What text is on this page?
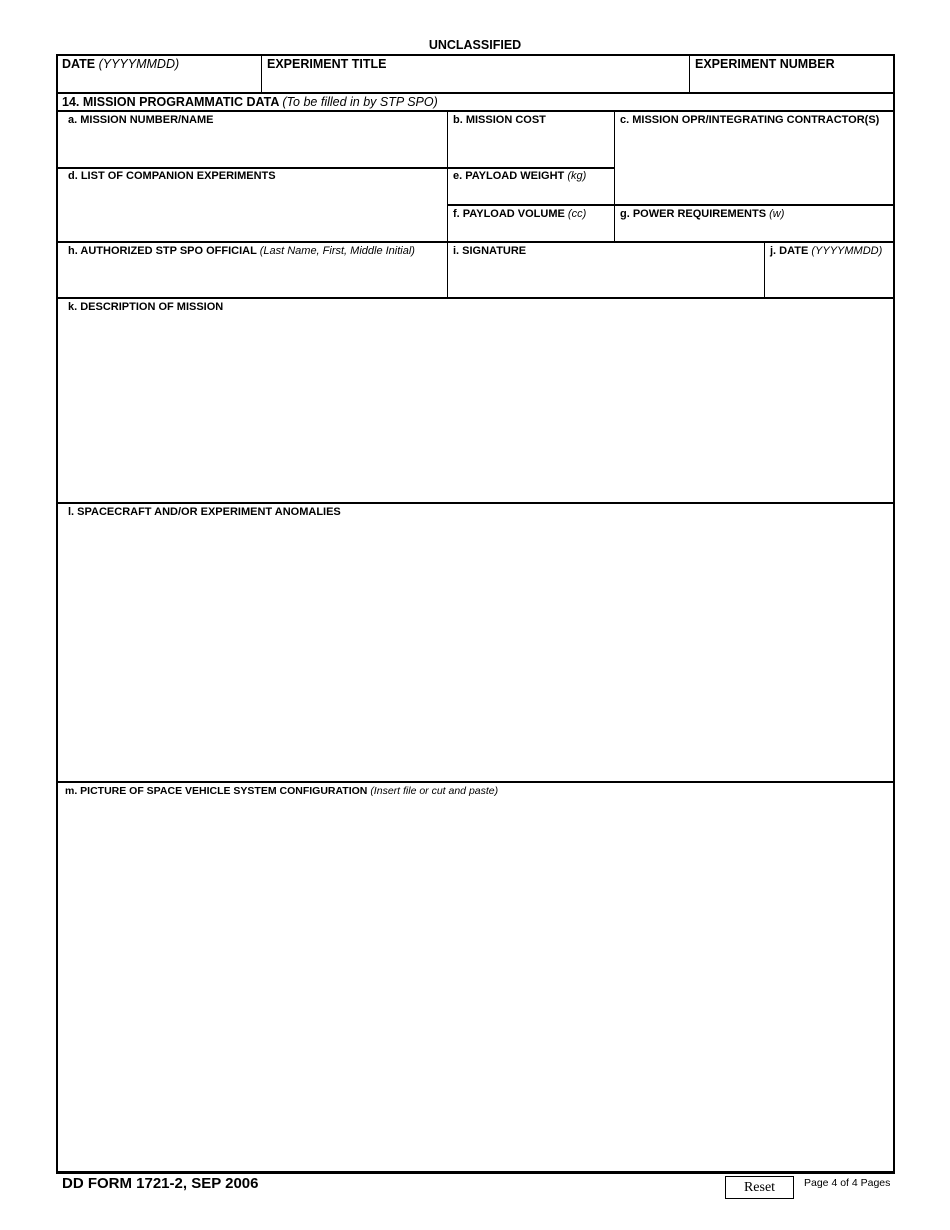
UNCLASSIFIED
DATE (YYYYMMDD)	EXPERIMENT TITLE	EXPERIMENT NUMBER
14. MISSION PROGRAMMATIC DATA (To be filled in by STP SPO)
a. MISSION NUMBER/NAME	b. MISSION COST	c. MISSION OPR/INTEGRATING CONTRACTOR(S)
d. LIST OF COMPANION EXPERIMENTS	e. PAYLOAD WEIGHT (kg)
f. PAYLOAD VOLUME (cc)	g. POWER REQUIREMENTS (w)
h. AUTHORIZED STP SPO OFFICIAL (Last Name, First, Middle Initial)	i. SIGNATURE	j. DATE (YYYYMMDD)
k. DESCRIPTION OF MISSION
l. SPACECRAFT AND/OR EXPERIMENT ANOMALIES
m. PICTURE OF SPACE VEHICLE SYSTEM CONFIGURATION (Insert file or cut and paste)
DD FORM 1721-2, SEP 2006	Reset	Page 4 of 4 Pages
